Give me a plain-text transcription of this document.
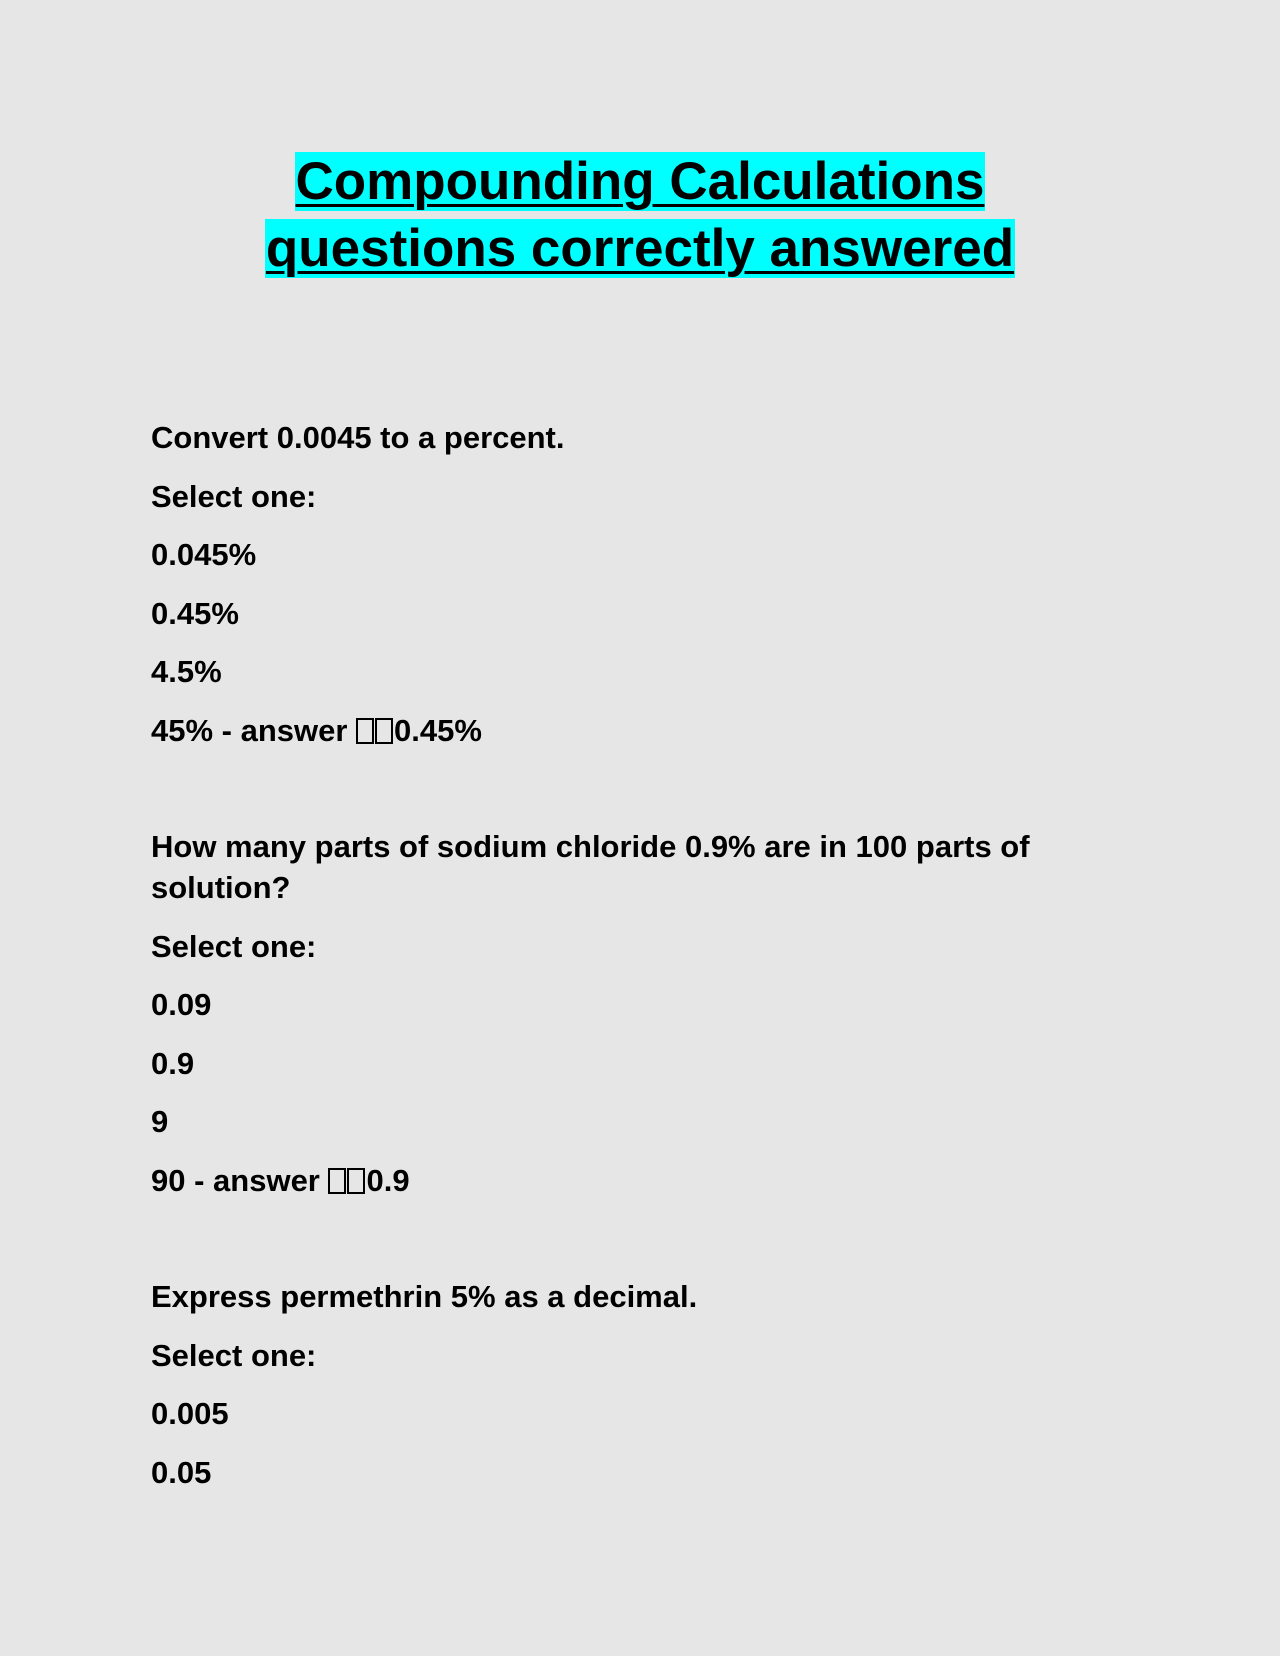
Compounding Calculations
questions correctly answered
Convert 0.0045 to a percent.
Select one:
0.045%
0.45%
4.5%
45% - answer 0.45%
How many parts of sodium chloride 0.9% are in 100 parts of solution?
Select one:
0.09
0.9
9
90 - answer 0.9
Express permethrin 5% as a decimal.
Select one:
0.005
0.05
